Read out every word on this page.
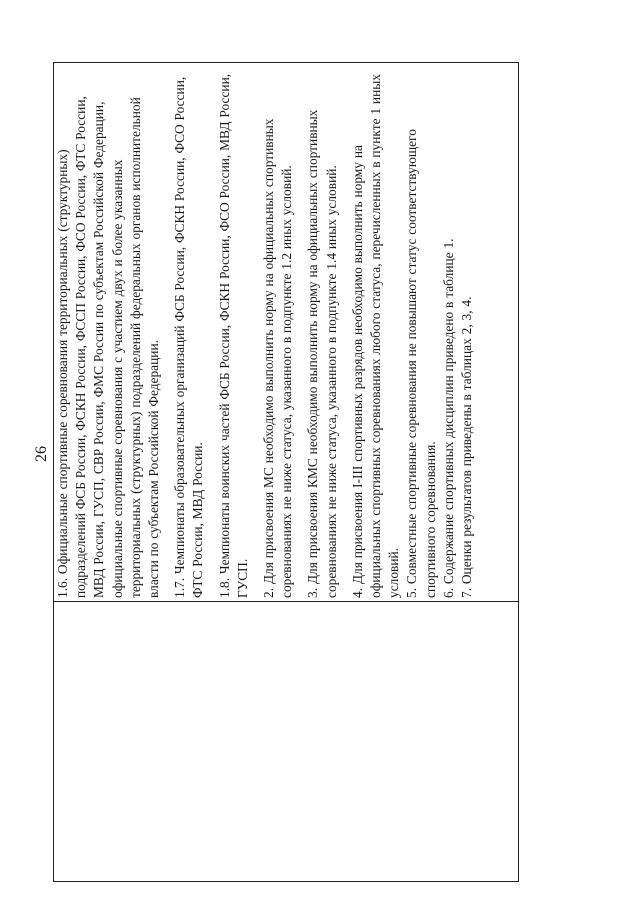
26 1.6. Официальные спортивные соревнования территориальных (структурных) подразделений ФСБ России, ФСКН России, ФССП России, ФСО России, ФТС России, МВД России, ГУСП, СВР России, ФМС России по субъектам Российской Федерации, официальные спортивные соревнования с участием двух и более указанных территориальных (структурных) подразделений федеральных органов исполнительной власти по субъектам Российской Федерации. 1.7. Чемпионаты образовательных организаций ФСБ России, ФСКН России, ФСО России, ФТС России, МВД России. 1.8. Чемпионаты воинских частей ФСБ России, ФСКН России, ФСО России, МВД России, ГУСП. 2. Для присвоения МС необходимо выполнить норму на официальных спортивных соревнованиях не ниже статуса, указанного в подпункте 1.2 иных условий. 3. Для присвоения КМС необходимо выполнить норму на официальных спортивных соревнованиях не ниже статуса, указанного в подпункте 1.4 иных условий. 4. Для присвоения I-III спортивных разрядов необходимо выполнить норму на официальных спортивных соревнованиях любого статуса, перечисленных в пункте 1 иных условий. 5. Совместные спортивные соревнования не повышают статус соответствующего спортивного соревнования. 6. Содержание спортивных дисциплин приведено в таблице 1. 7. Оценки результатов приведены в таблицах 2, 3, 4.
